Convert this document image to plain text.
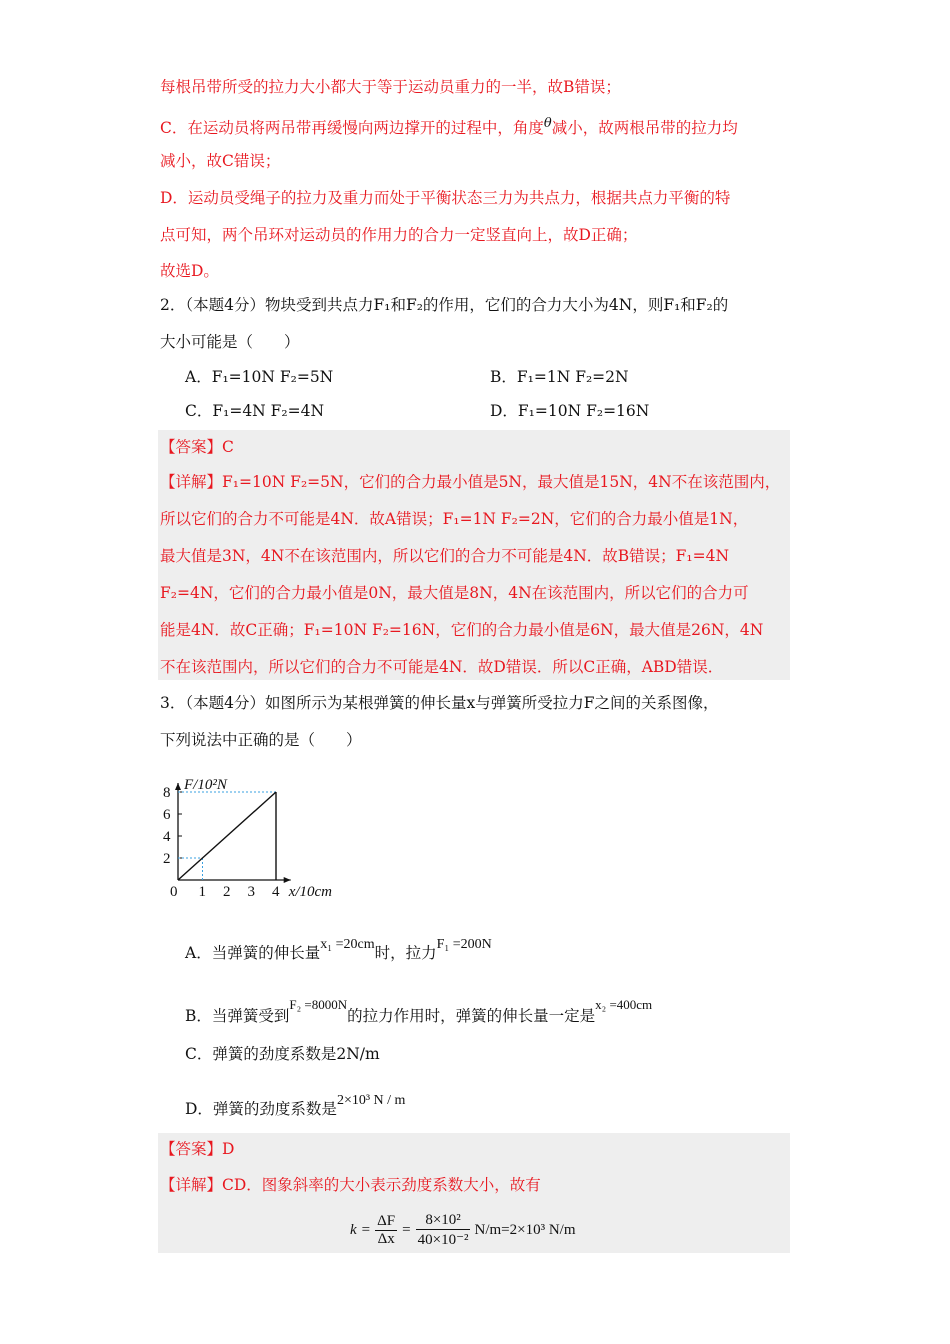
每根吊带所受的拉力大小都大于等于运动员重力的一半，故B错误；
C．在运动员将两吊带再缓慢向两边撑开的过程中，角度$^\theta$减小，故两根吊带的拉力均
减小，故C错误；
D．运动员受绳子的拉力及重力而处于平衡状态三力为共点力，根据共点力平衡的特
点可知，两个吊环对运动员的作用力的合力一定竖直向上，故D正确；
故选D。
2．（本题4分）物块受到共点力F₁和F₂的作用，它们的合力大小为4N，则F₁和F₂的
大小可能是（　　）
A．F₁=10N F₂=5N	B．F₁=1N F₂=2N
C．F₁=4N F₂=4N	D．F₁=10N F₂=16N
【答案】C
【详解】F₁=10N F₂=5N，它们的合力最小值是5N，最大值是15N，4N不在该范围内，
所以它们的合力不可能是4N．故A错误；F₁=1N F₂=2N，它们的合力最小值是1N，
最大值是3N，4N不在该范围内，所以它们的合力不可能是4N．故B错误；F₁=4N
F₂=4N，它们的合力最小值是0N，最大值是8N，4N在该范围内，所以它们的合力可
能是4N．故C正确；F₁=10N F₂=16N，它们的合力最小值是6N，最大值是26N，4N
不在该范围内，所以它们的合力不可能是4N．故D错误．所以C正确，ABD错误．
3．（本题4分）如图所示为某根弹簧的伸长量x与弹簧所受拉力F之间的关系图像，
下列说法中正确的是（　　）
0 1 2 3 4
2
4
6
8 F/10²N
x/10cm
A．当弹簧的伸长量x₁ =20cm时，拉力F₁ =200N
B．当弹簧受到$^{F_2 =8000N}$的拉力作用时，弹簧的伸长量一定是$^{x_2 =400cm}$
C．弹簧的劲度系数是2N/m
D．弹簧的劲度系数是2×10³ N / m
【答案】D
【详解】CD．图象斜率的大小表示劲度系数大小，故有
k =
ΔF
Δx
=
8×10²
40×10⁻²
N/m=2×10³ N/m
